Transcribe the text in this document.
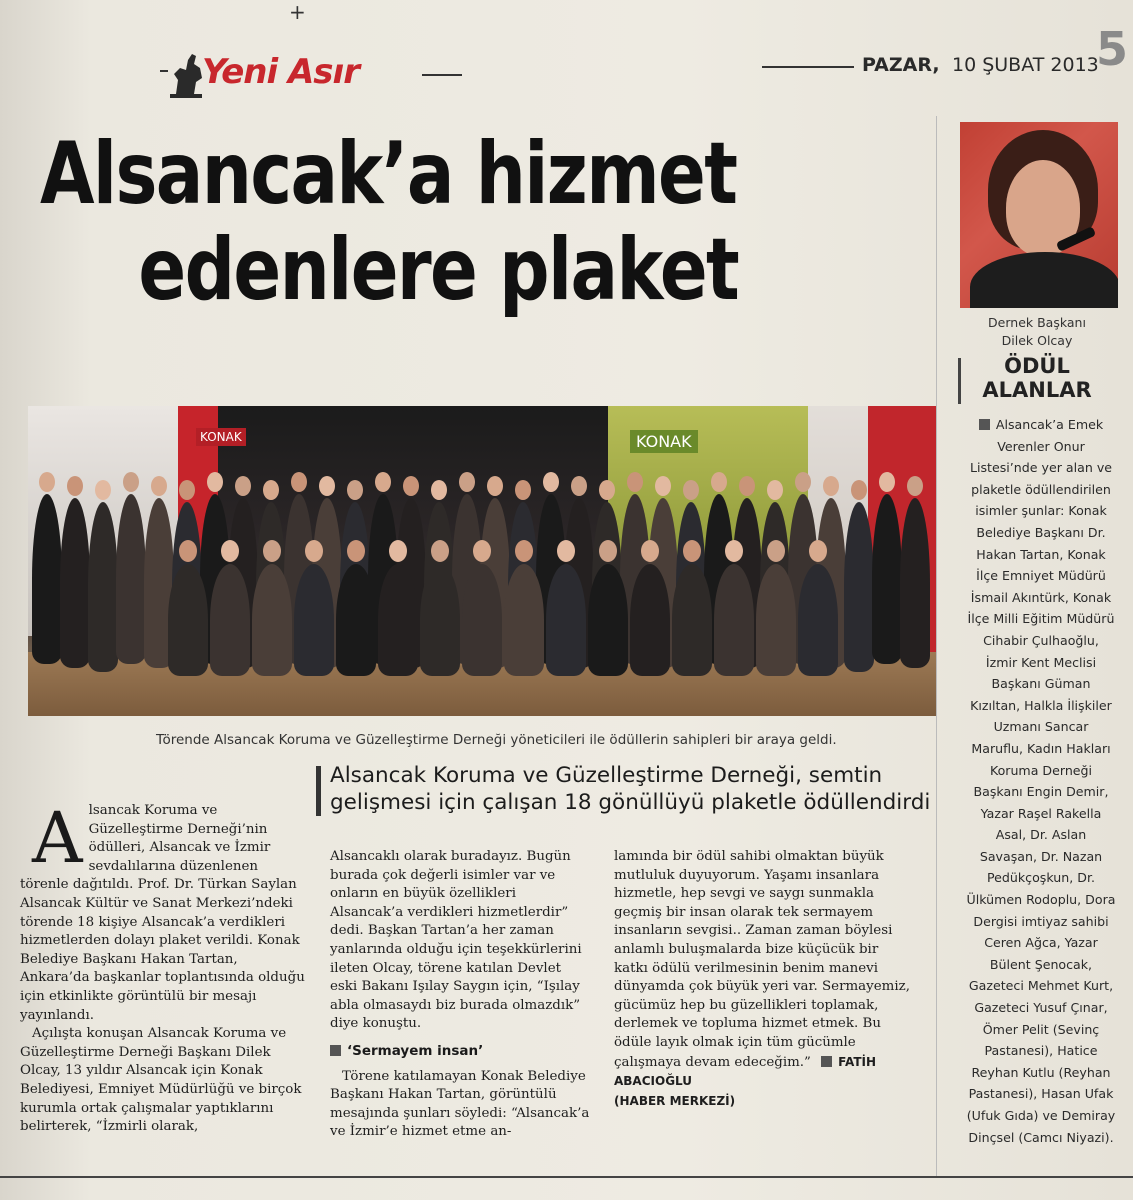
+
Yeni Asır	PAZAR, 10 ŞUBAT 2013
5
Alsancak’a hizmet
edenlere plaket
KONAK	KONAK
Törende Alsancak Koruma ve Güzelleştirme Derneği yöneticileri ile ödüllerin sahipleri bir araya geldi.
Dernek Başkanı
Dilek Olcay
ÖDÜL
ALANLAR
Alsancak’a Emek Verenler Onur Listesi’nde yer alan ve plaketle ödüllendirilen isimler şunlar: Konak Belediye Başkanı Dr. Hakan Tartan, Konak İlçe Emniyet Müdürü İsmail Akıntürk, Konak İlçe Milli Eğitim Müdürü Cihabir Çulhaoğlu, İzmir Kent Meclisi Başkanı Güman Kızıltan, Halkla İlişkiler Uzmanı Sancar Maruflu, Kadın Hakları Koruma Derneği Başkanı Engin Demir, Yazar Raşel Rakella Asal, Dr. Aslan Savaşan, Dr. Nazan Pedükçoşkun, Dr. Ülkümen Rodoplu, Dora Dergisi imtiyaz sahibi Ceren Ağca, Yazar Bülent Şenocak, Gazeteci Mehmet Kurt, Gazeteci Yusuf Çınar, Ömer Pelit (Sevinç Pastanesi), Hatice Reyhan Kutlu (Reyhan Pastanesi), Hasan Ufak (Ufuk Gıda) ve Demiray Dinçsel (Camcı Niyazi).
Alsancak Koruma ve Güzelleştirme Derneği, semtin
gelişmesi için çalışan 18 gönüllüyü plaketle ödüllendirdi
A lsancak Koruma ve Güzelleştirme Derneği’nin ödülleri, Alsancak ve İzmir sevdalılarına düzenlenen törenle dağıtıldı. Prof. Dr. Türkan Saylan Alsancak Kültür ve Sanat Merkezi’ndeki törende 18 kişiye Alsancak’a verdikleri hizmetlerden dolayı plaket verildi. Konak Belediye Başkanı Hakan Tartan, Ankara’da başkanlar toplantısında olduğu için etkinlikte görüntülü bir mesajı yayınlandı.
Açılışta konuşan Alsancak Koruma ve Güzelleştirme Derneği Başkanı Dilek Olcay, 13 yıldır Alsancak için Konak Belediyesi, Emniyet Müdürlüğü ve birçok kurumla ortak çalışmalar yaptıklarını belirterek, “İzmirli olarak,
Alsancaklı olarak buradayız. Bugün burada çok değerli isimler var ve onların en büyük özellikleri Alsancak’a verdikleri hizmetlerdir” dedi. Başkan Tartan’a her zaman yanlarında olduğu için teşekkürlerini ileten Olcay, törene katılan Devlet eski Bakanı Işılay Saygın için, “Işılay abla olmasaydı biz burada olmazdık” diye konuştu.
‘Sermayem insan’
Törene katılamayan Konak Belediye Başkanı Hakan Tartan, görüntülü mesajında şunları söyledi: “Alsancak’a ve İzmir’e hizmet etme an-
lamında bir ödül sahibi olmaktan büyük mutluluk duyuyorum. Yaşamı insanlara hizmetle, hep sevgi ve saygı sunmakla geçmiş bir insan olarak tek sermayem insanların sevgisi.. Zaman zaman böylesi anlamlı buluşmalarda bize küçücük bir katkı ödülü verilmesinin benim manevi dünyamda çok büyük yeri var. Sermayemiz, gücümüz hep bu güzellikleri toplamak, derlemek ve topluma hizmet etmek. Bu ödüle layık olmak için tüm gücümle çalışmaya devam edeceğim.” FATİH ABACIOĞLU
(HABER MERKEZİ)
